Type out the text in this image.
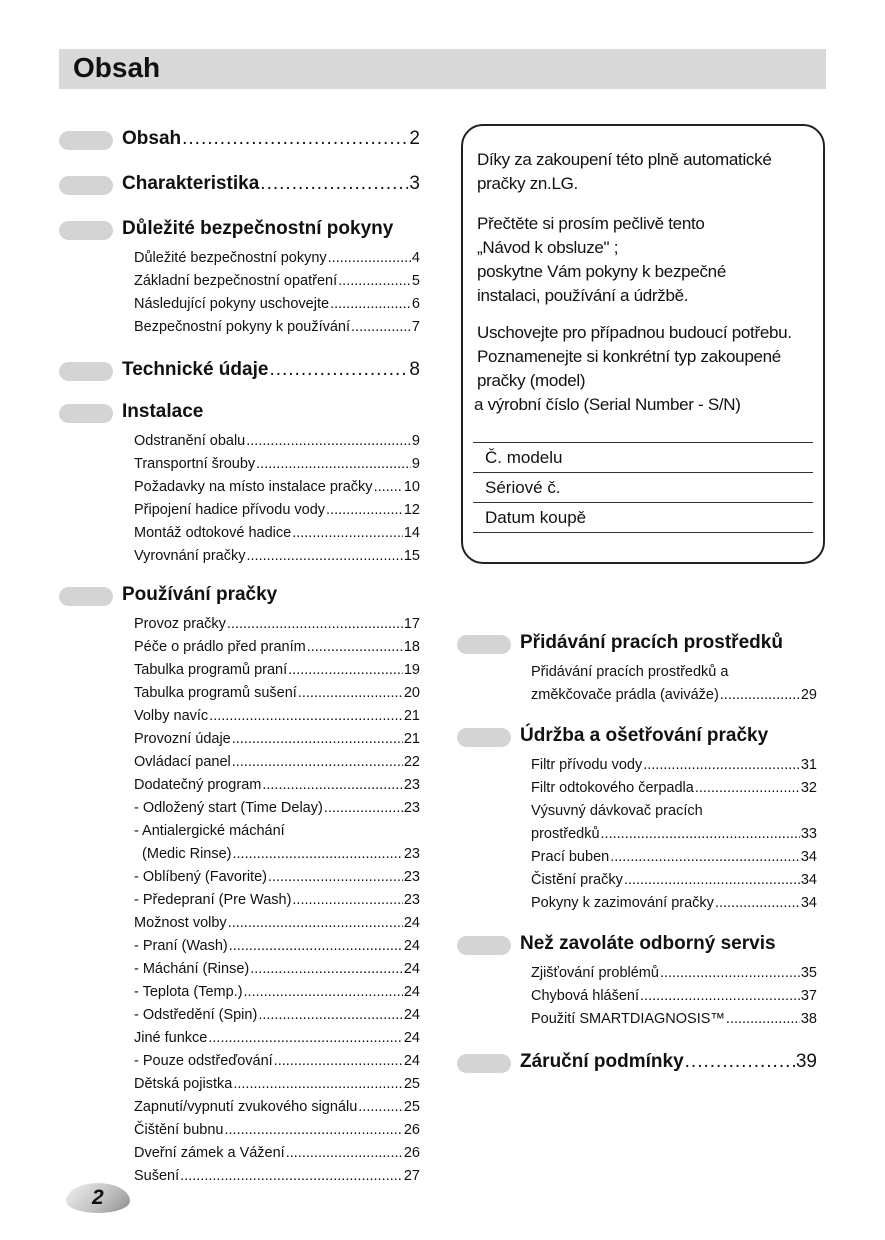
Obsah
Obsah .....	2
Charakteristika .....	3
Důležité bezpečnostní pokyny
Důležité bezpečnostní pokyny .....	4
Základní bezpečnostní opatření .....	5
Následující pokyny uschovejte .....	6
Bezpečnostní pokyny k používání .....	7
Technické údaje .....	8
Instalace
Odstranění obalu .....	9
Transportní šrouby .....	9
Požadavky na místo instalace pračky ..... 10
Připojení hadice přívodu vody .....	12
Montáž odtokové hadice .....	14
Vyrovnání pračky .....	15
Používání pračky
Provoz pračky .....	17
Péče o prádlo před praním .....	18
Tabulka programů praní .....	19
Tabulka programů sušení .....	20
Volby navíc .....	21
Provozní údaje .....	21
Ovládací panel .....	22
Dodatečný program .....	23
- Odložený start (Time Delay) .....	23
- Antialergické máchání
(Medic Rinse) .....	23
- Oblíbený (Favorite) .....	23
- Předepraní (Pre Wash) .....	23
Možnost volby .....	24
- Praní (Wash) .....	24
- Máchání (Rinse) .....	24
- Teplota (Temp.) .....	24
- Odstředění (Spin) .....	24
Jiné funkce .....	24
- Pouze odstřeďování .....	24
Dětská pojistka .....	25
Zapnutí/vypnutí zvukového signálu .....	25
Čištění bubnu .....	26
Dveřní zámek a Vážení .....	26
Sušení .....	27
Díky za zakoupení této plně automatické
pračky zn.LG.
Přečtěte si prosím pečlivě tento
„Návod k obsluze" ;
poskytne Vám pokyny k bezpečné
instalaci, používání a údržbě.
Uschovejte pro případnou budoucí potřebu.
Poznamenejte si konkrétní typ zakoupené
pračky (model)
a výrobní číslo (Serial Number - S/N)
Č. modelu
Sériové č.
Datum koupě
Přidávání pracích prostředků
Přidávání pracích prostředků a
změkčovače prádla (aviváže) .....	29
Údržba a ošetřování pračky
Filtr přívodu vody .....	31
Filtr odtokového čerpadla .....	32
Výsuvný dávkovač pracích
prostředků .....	33
Prací buben .....	34
Čistění pračky .....	34
Pokyny k zazimování pračky .....	34
Než zavoláte odborný servis
Zjišťování problémů .....	35
Chybová hlášení .....	37
Použití SMARTDIAGNOSIS™ .....	38
Záruční podmínky .....	39
2
